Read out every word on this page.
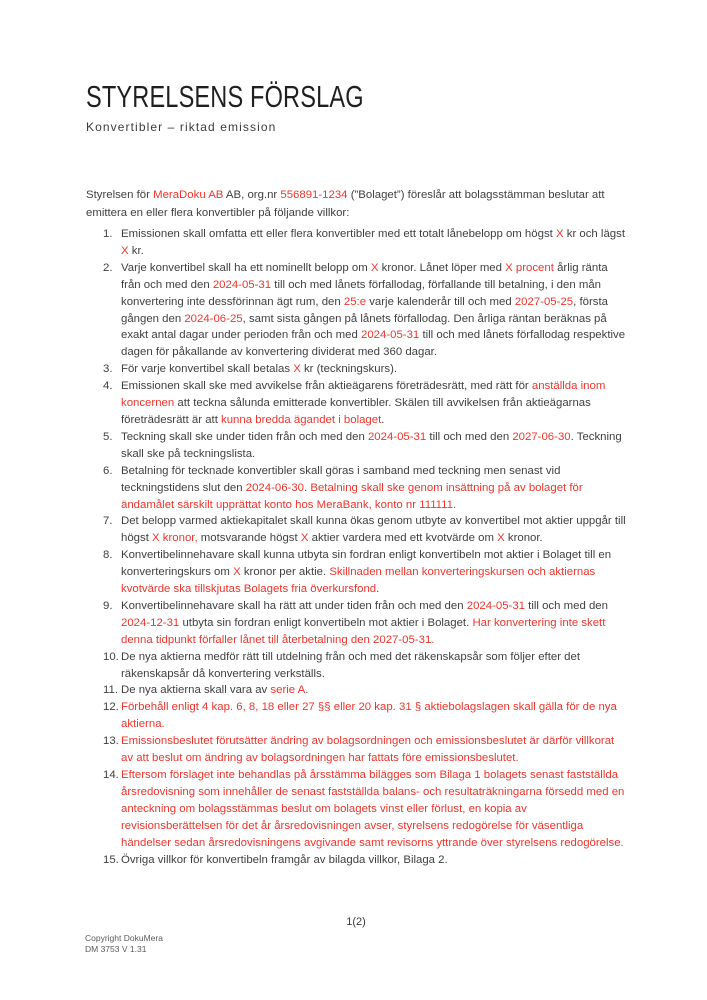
STYRELSENS FÖRSLAG
Konvertibler – riktad emission

Styrelsen för MeraDoku AB AB, org.nr 556891-1234 (”Bolaget”) föreslår att bolagsstämman beslutar att emittera en eller flera konvertibler på följande villkor:

1. Emissionen skall omfatta ett eller flera konvertibler med ett totalt lånebelopp om högst X kr och lägst X kr.
2. Varje konvertibel skall ha ett nominellt belopp om X kronor. Lånet löper med X procent årlig ränta från och med den 2024-05-31 till och med lånets förfallodag, förfallande till betalning, i den mån konvertering inte dessförinnan ägt rum, den 25:e varje kalenderår till och med 2027-05-25, första gången den 2024-06-25, samt sista gången på lånets förfallodag. Den årliga räntan beräknas på exakt antal dagar under perioden från och med 2024-05-31 till och med lånets förfallodag respektive dagen för påkallande av konvertering dividerat med 360 dagar.
3. För varje konvertibel skall betalas X kr (teckningskurs).
4. Emissionen skall ske med avvikelse från aktieägarens företrädesrätt, med rätt för anställda inom koncernen att teckna sålunda emitterade konvertibler. Skälen till avvikelsen från aktieägarnas företrädesrätt är att kunna bredda ägandet i bolaget.
5. Teckning skall ske under tiden från och med den 2024-05-31 till och med den 2027-06-30. Teckning skall ske på teckningslista.
6. Betalning för tecknade konvertibler skall göras i samband med teckning men senast vid teckningstidens slut den 2024-06-30. Betalning skall ske genom insättning på av bolaget för ändamålet särskilt upprättat konto hos MeraBank, konto nr 111111.
7. Det belopp varmed aktiekapitalet skall kunna ökas genom utbyte av konvertibel mot aktier uppgår till högst X kronor, motsvarande högst X aktier vardera med ett kvotvärde om X kronor.
8. Konvertibelinnehavare skall kunna utbyta sin fordran enligt konvertibeln mot aktier i Bolaget till en konverteringskurs om X kronor per aktie. Skillnaden mellan konverteringskursen och aktiernas kvotvärde ska tillskjutas Bolagets fria överkursfond.
9. Konvertibelinnehavare skall ha rätt att under tiden från och med den 2024-05-31 till och med den 2024-12-31 utbyta sin fordran enligt konvertibeln mot aktier i Bolaget. Har konvertering inte skett denna tidpunkt förfaller lånet till återbetalning den 2027-05-31.
10. De nya aktierna medför rätt till utdelning från och med det räkenskapsår som följer efter det räkenskapsår då konvertering verkställs.
11. De nya aktierna skall vara av serie A.
12. Förbehåll enligt 4 kap. 6, 8, 18 eller 27 §§ eller 20 kap. 31 § aktiebolagslagen skall gälla för de nya aktierna.
13. Emissionsbeslutet förutsätter ändring av bolagsordningen och emissionsbeslutet är därför villkorat av att beslut om ändring av bolagsordningen har fattats före emissionsbeslutet.
14. Eftersom förslaget inte behandlas på årsstämma bilägges som Bilaga 1 bolagets senast fastställda årsredovisning som innehåller de senast fastställda balans- och resultaträkningarna försedd med en anteckning om bolagsstämmas beslut om bolagets vinst eller förlust, en kopia av revisionsberättelsen för det år årsredovisningen avser, styrelsens redogörelse för väsentliga händelser sedan årsredovisningens avgivande samt revisorns yttrande över styrelsens redogörelse.
15. Övriga villkor för konvertibeln framgår av bilagda villkor, Bilaga 2.
1(2)
Copyright DokuMera
DM 3753 V 1.31
